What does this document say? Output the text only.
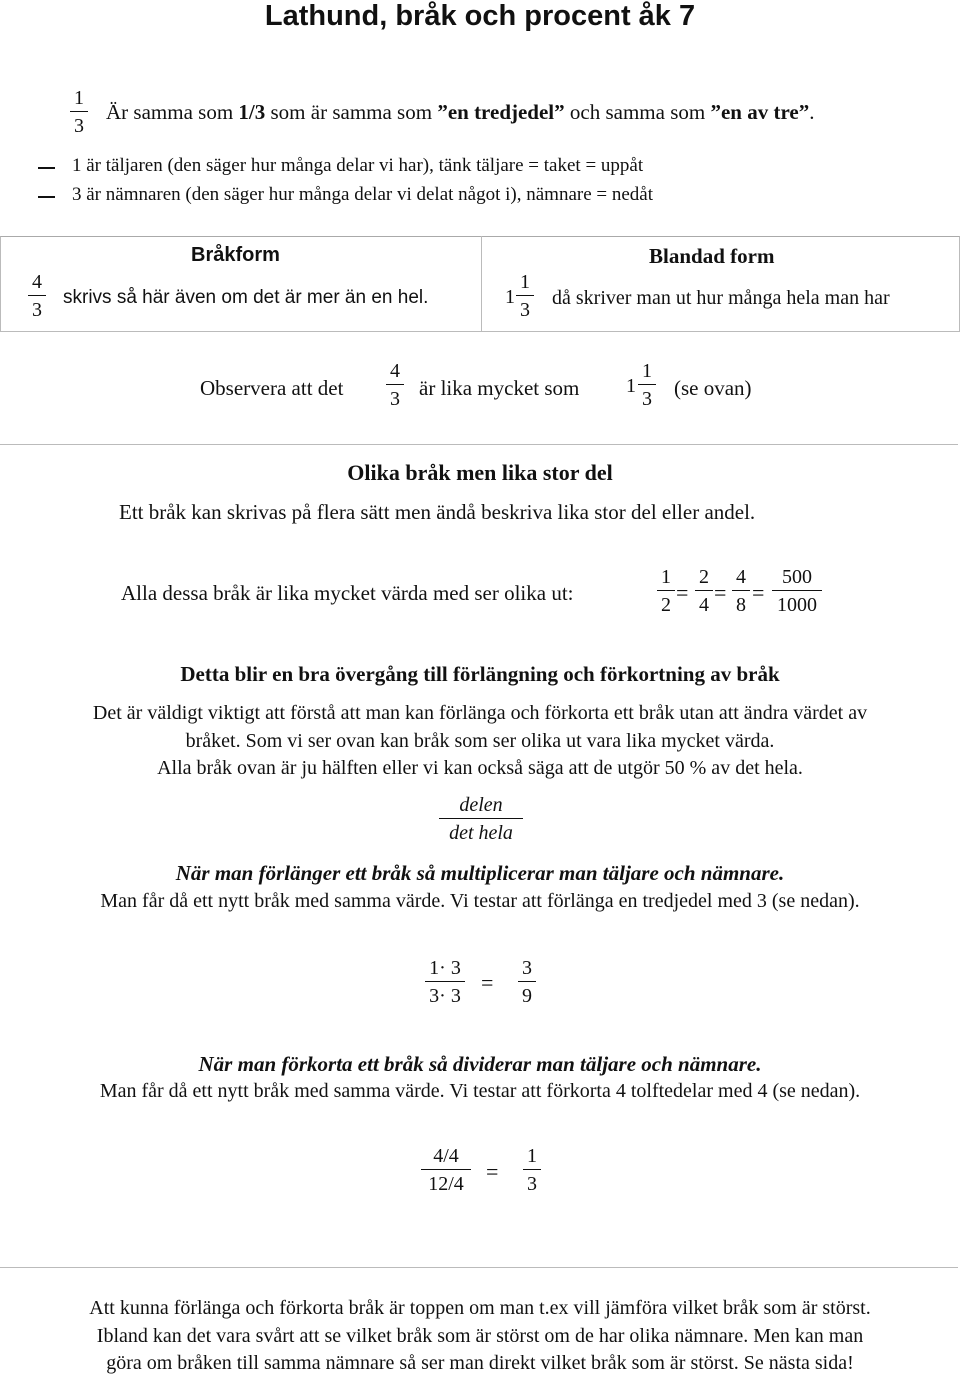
Lathund, bråk och procent åk 7
1
3
Är samma som 1/3 som är samma som ”en tredjedel” och samma som ”en av tre”.
1 är täljaren (den säger hur många delar vi har), tänk täljare = taket = uppåt
3 är nämnaren (den säger hur många delar vi delat något i), nämnare = nedåt
Bråkform
4
3
skrivs så här även om det är mer än en hel.
Blandad form
1
1
3
då skriver man ut hur många hela man har
Observera att det
4
3 är lika mycket som 1
1
3 (se ovan)
Olika bråk men lika stor del
Ett bråk kan skrivas på flera sätt men ändå beskriva lika stor del eller andel.
Alla dessa bråk är lika mycket värda med ser olika ut:
1
2 =
2
4 =
4
8 =
500
1000
Detta blir en bra övergång till förlängning och förkortning av bråk
Det är väldigt viktigt att förstå att man kan förlänga och förkorta ett bråk utan att ändra värdet av
bråket. Som vi ser ovan kan bråk som ser olika ut vara lika mycket värda.
Alla bråk ovan är ju hälften eller vi kan också säga att de utgör 50 % av det hela.
delen
det hela
När man förlänger ett bråk så multiplicerar man täljare och nämnare.
Man får då ett nytt bråk med samma värde. Vi testar att förlänga en tredjedel med 3 (se nedan).
1· 3
3· 3
=
3
9
När man förkorta ett bråk så dividerar man täljare och nämnare.
Man får då ett nytt bråk med samma värde. Vi testar att förkorta 4 tolftedelar med 4 (se nedan).
4/4
12/4	=
1
3
Att kunna förlänga och förkorta bråk är toppen om man t.ex vill jämföra vilket bråk som är störst.
Ibland kan det vara svårt att se vilket bråk som är störst om de har olika nämnare. Men kan man
göra om bråken till samma nämnare så ser man direkt vilket bråk som är störst. Se nästa sida!
